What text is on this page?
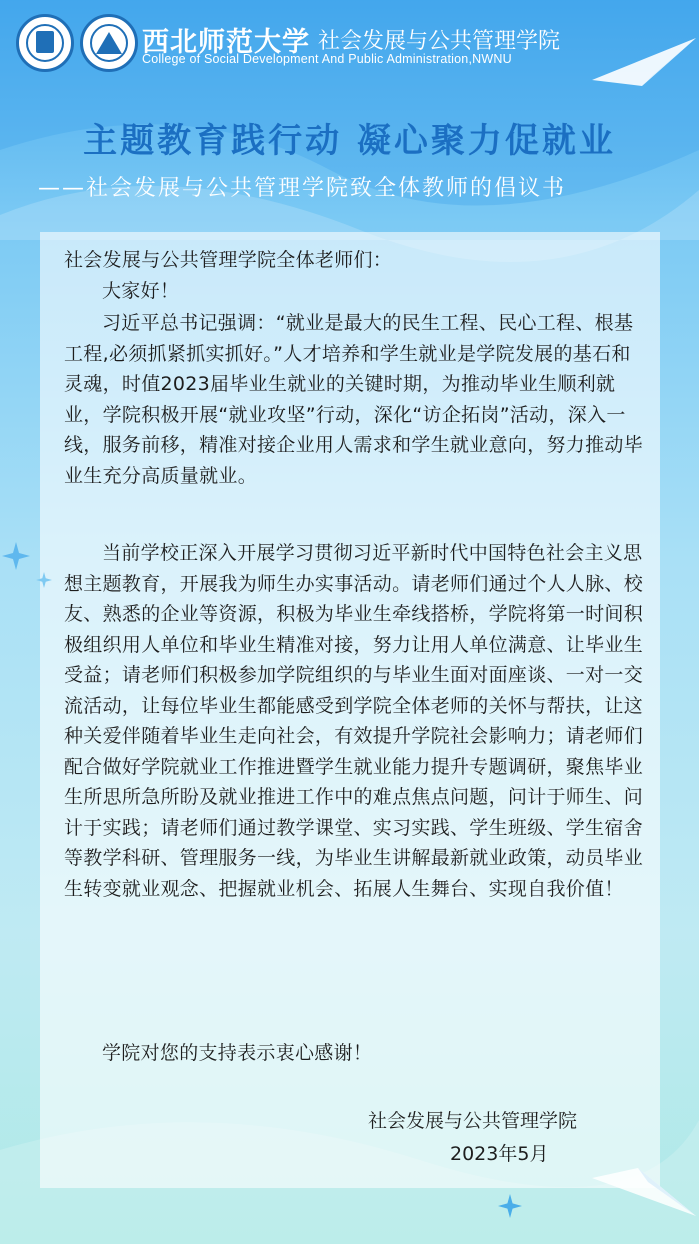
西北师范大学 社会发展与公共管理学院
College of Social Development And Public Administration,NWNU
主题教育践行动 凝心聚力促就业
——社会发展与公共管理学院致全体教师的倡议书

社会发展与公共管理学院全体老师们：

大家好！

习近平总书记强调：“就业是最大的民生工程、民心工程、根基工程,必须抓紧抓实抓好。”人才培养和学生就业是学院发展的基石和灵魂，时值2023届毕业生就业的关键时期，为推动毕业生顺利就业，学院积极开展“就业攻坚”行动，深化“访企拓岗”活动，深入一线，服务前移，精准对接企业用人需求和学生就业意向，努力推动毕业生充分高质量就业。

当前学校正深入开展学习贯彻习近平新时代中国特色社会主义思想主题教育，开展我为师生办实事活动。请老师们通过个人人脉、校友、熟悉的企业等资源，积极为毕业生牵线搭桥，学院将第一时间积极组织用人单位和毕业生精准对接，努力让用人单位满意、让毕业生受益；请老师们积极参加学院组织的与毕业生面对面座谈、一对一交流活动，让每位毕业生都能感受到学院全体老师的关怀与帮扶，让这种关爱伴随着毕业生走向社会，有效提升学院社会影响力；请老师们配合做好学院就业工作推进暨学生就业能力提升专题调研，聚焦毕业生所思所急所盼及就业推进工作中的难点焦点问题，问计于师生、问计于实践；请老师们通过教学课堂、实习实践、学生班级、学生宿舍等教学科研、管理服务一线，为毕业生讲解最新就业政策，动员毕业生转变就业观念、把握就业机会、拓展人生舞台、实现自我价值！

学院对您的支持表示衷心感谢！

社会发展与公共管理学院
2023年5月
